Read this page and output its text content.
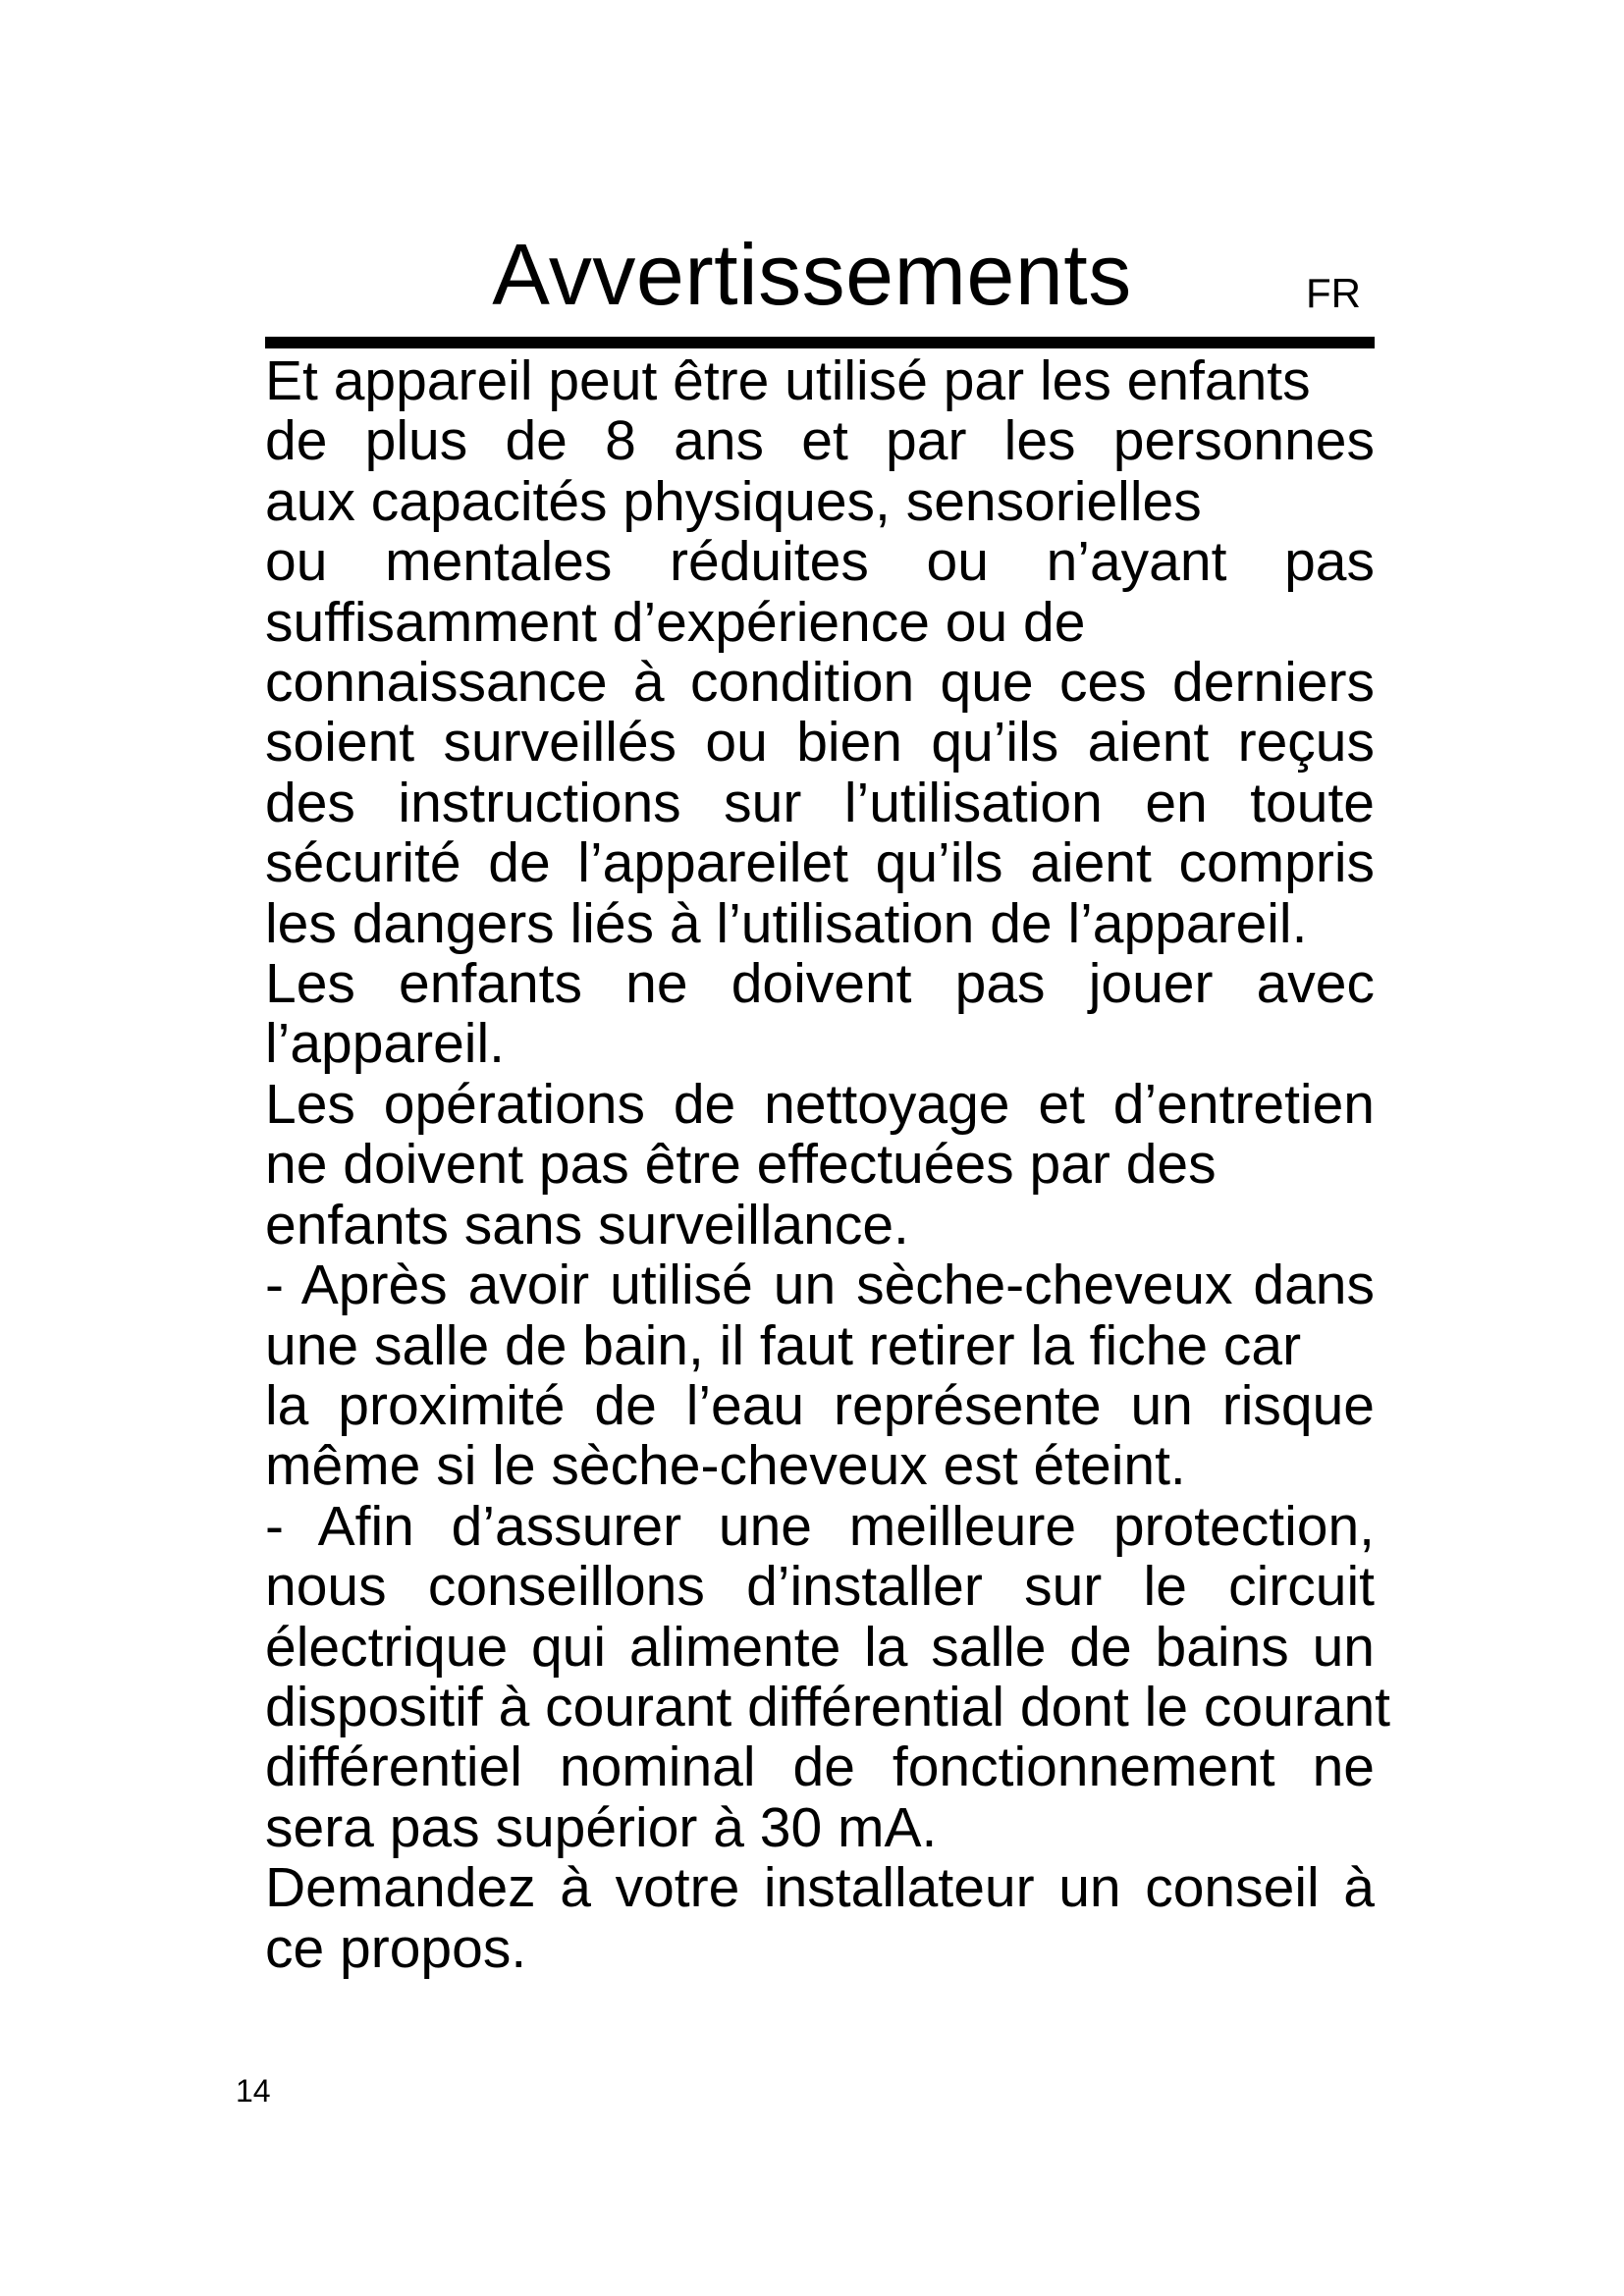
Avvertissements	FR
Et appareil peut être utilisé par les enfants
de plus de 8 ans et par les personnes
aux capacités physiques, sensorielles
ou mentales réduites ou n’ayant pas
suffisamment d’expérience ou de
connaissance à condition que ces derniers
soient surveillés ou bien qu’ils aient reçus
des instructions sur l’utilisation en toute
sécurité de l’appareilet qu’ils aient compris
les dangers liés à l’utilisation de l’appareil.
Les enfants ne doivent pas jouer avec
l’appareil.
Les opérations de nettoyage et d’entretien
ne doivent pas être effectuées par des
enfants sans surveillance.
- Après avoir utilisé un sèche-cheveux dans
une salle de bain, il faut retirer la fiche car
la proximité de l’eau représente un risque
même si le sèche-cheveux est éteint.
- Afin d’assurer une meilleure protection,
nous conseillons d’installer sur le circuit
électrique qui alimente la salle de bains un
dispositif à courant différential dont le courant
différentiel nominal de fonctionnement ne
sera pas supérior à 30 mA.
Demandez à votre installateur un conseil à
ce propos.
14
